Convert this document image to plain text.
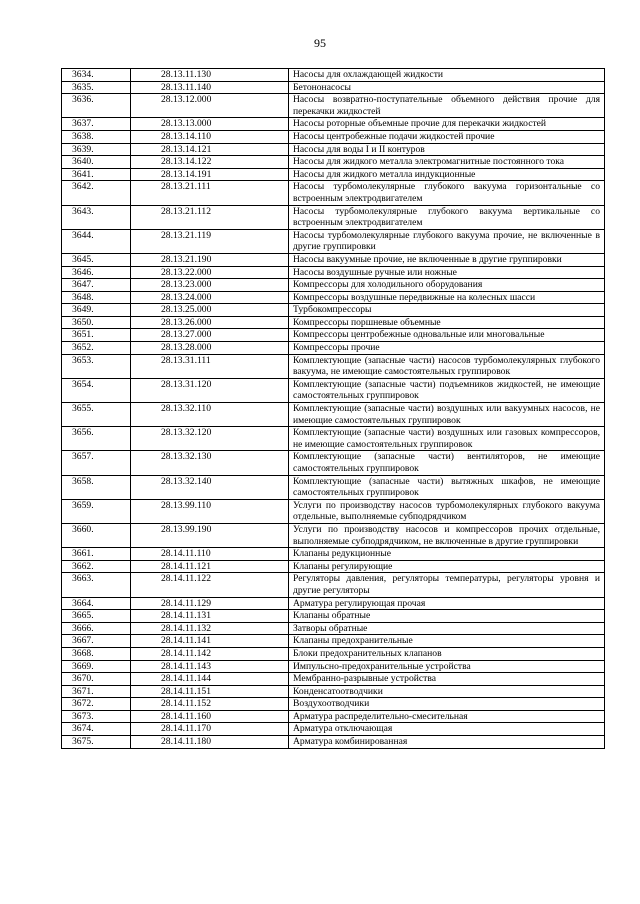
95
3634.	28.13.11.130	Насосы для охлаждающей жидкости
3635.	28.13.11.140	Бетононасосы
3636.	28.13.12.000	Насосы возвратно-поступательные объемного действия прочие для перекачки жидкостей
3637.	28.13.13.000	Насосы роторные объемные прочие для перекачки жидкостей
3638.	28.13.14.110	Насосы центробежные подачи жидкостей прочие
3639.	28.13.14.121	Насосы для воды I и II контуров
3640.	28.13.14.122	Насосы для жидкого металла электромагнитные постоянного тока
3641.	28.13.14.191	Насосы для жидкого металла индукционные
3642.	28.13.21.111	Насосы турбомолекулярные глубокого вакуума горизонтальные со встроенным электродвигателем
3643.	28.13.21.112	Насосы турбомолекулярные глубокого вакуума вертикальные со встроенным электродвигателем
3644.	28.13.21.119	Насосы турбомолекулярные глубокого вакуума прочие, не включенные в другие группировки
3645.	28.13.21.190	Насосы вакуумные прочие, не включенные в другие группировки
3646.	28.13.22.000	Насосы воздушные ручные или ножные
3647.	28.13.23.000	Компрессоры для холодильного оборудования
3648.	28.13.24.000	Компрессоры воздушные передвижные на колесных шасси
3649.	28.13.25.000	Турбокомпрессоры
3650.	28.13.26.000	Компрессоры поршневые объемные
3651.	28.13.27.000	Компрессоры центробежные одновальные или многовальные
3652.	28.13.28.000	Компрессоры прочие
3653.	28.13.31.111	Комплектующие (запасные части) насосов турбомолекулярных глубокого вакуума, не имеющие самостоятельных группировок
3654.	28.13.31.120	Комплектующие (запасные части) подъемников жидкостей, не имеющие самостоятельных группировок
3655.	28.13.32.110	Комплектующие (запасные части) воздушных или вакуумных насосов, не имеющие самостоятельных группировок
3656.	28.13.32.120	Комплектующие (запасные части) воздушных или газовых компрессоров, не имеющие самостоятельных группировок
3657.	28.13.32.130	Комплектующие (запасные части) вентиляторов, не имеющие самостоятельных группировок
3658.	28.13.32.140	Комплектующие (запасные части) вытяжных шкафов, не имеющие самостоятельных группировок
3659.	28.13.99.110	Услуги по производству насосов турбомолекулярных глубокого вакуума отдельные, выполняемые субподрядчиком
3660.	28.13.99.190	Услуги по производству насосов и компрессоров прочих отдельные, выполняемые субподрядчиком, не включенные в другие группировки
3661.	28.14.11.110	Клапаны редукционные
3662.	28.14.11.121	Клапаны регулирующие
3663.	28.14.11.122	Регуляторы давления, регуляторы температуры, регуляторы уровня и другие регуляторы
3664.	28.14.11.129	Арматура регулирующая прочая
3665.	28.14.11.131	Клапаны обратные
3666.	28.14.11.132	Затворы обратные
3667.	28.14.11.141	Клапаны предохранительные
3668.	28.14.11.142	Блоки предохранительных клапанов
3669.	28.14.11.143	Импульсно-предохранительные устройства
3670.	28.14.11.144	Мембранно-разрывные устройства
3671.	28.14.11.151	Конденсатоотводчики
3672.	28.14.11.152	Воздухоотводчики
3673.	28.14.11.160	Арматура распределительно-смесительная
3674.	28.14.11.170	Арматура отключающая
3675.	28.14.11.180	Арматура комбинированная
